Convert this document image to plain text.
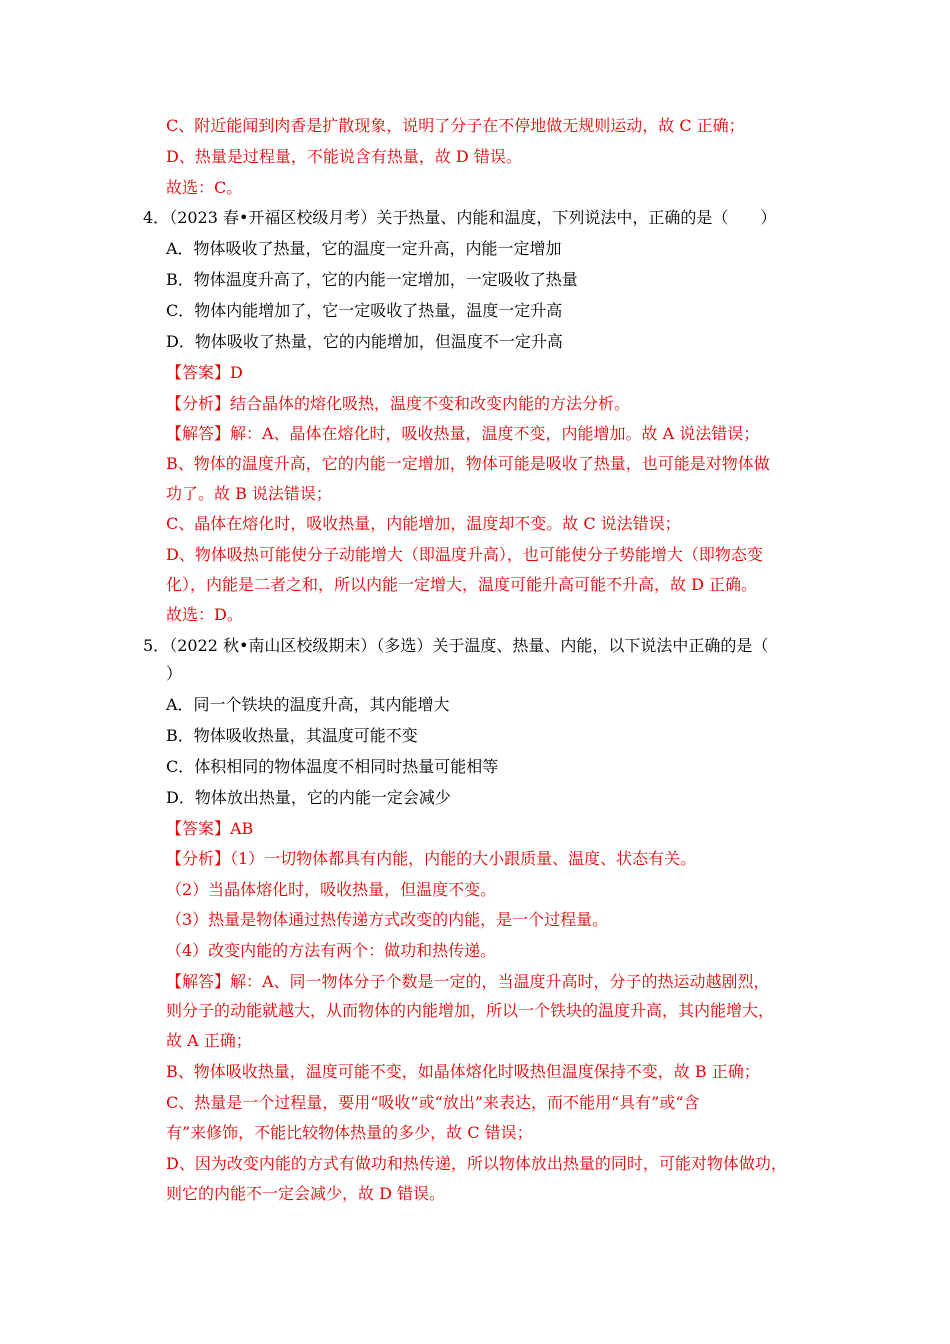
C、附近能闻到肉香是扩散现象，说明了分子在不停地做无规则运动，故 C 正确；
D、热量是过程量，不能说含有热量，故 D 错误。
故选：C。
4．（2023 春•开福区校级月考）关于热量、内能和温度，下列说法中，正确的是（　　）
A．物体吸收了热量，它的温度一定升高，内能一定增加
B．物体温度升高了，它的内能一定增加，一定吸收了热量
C．物体内能增加了，它一定吸收了热量，温度一定升高
D．物体吸收了热量，它的内能增加，但温度不一定升高
【答案】D
【分析】结合晶体的熔化吸热，温度不变和改变内能的方法分析。
【解答】解：A、晶体在熔化时，吸收热量，温度不变，内能增加。故 A 说法错误；
B、物体的温度升高，它的内能一定增加，物体可能是吸收了热量，也可能是对物体做
功了。故 B 说法错误；
C、晶体在熔化时，吸收热量，内能增加，温度却不变。故 C 说法错误；
D、物体吸热可能使分子动能增大（即温度升高），也可能使分子势能增大（即物态变
化），内能是二者之和，所以内能一定增大，温度可能升高可能不升高，故 D 正确。
故选：D。
5．（2022 秋•南山区校级期末）（多选）关于温度、热量、内能，以下说法中正确的是（
）
A．同一个铁块的温度升高，其内能增大
B．物体吸收热量，其温度可能不变
C．体积相同的物体温度不相同时热量可能相等
D．物体放出热量，它的内能一定会减少
【答案】AB
【分析】（1）一切物体都具有内能，内能的大小跟质量、温度、状态有关。
（2）当晶体熔化时，吸收热量，但温度不变。
（3）热量是物体通过热传递方式改变的内能，是一个过程量。
（4）改变内能的方法有两个：做功和热传递。
【解答】解：A、同一物体分子个数是一定的，当温度升高时，分子的热运动越剧烈，
则分子的动能就越大，从而物体的内能增加，所以一个铁块的温度升高，其内能增大，
故 A 正确；
B、物体吸收热量，温度可能不变，如晶体熔化时吸热但温度保持不变，故 B 正确；
C、热量是一个过程量，要用“吸收”或“放出”来表达，而不能用“具有”或“含
有”来修饰，不能比较物体热量的多少，故 C 错误；
D、因为改变内能的方式有做功和热传递，所以物体放出热量的同时，可能对物体做功，
则它的内能不一定会减少，故 D 错误。
